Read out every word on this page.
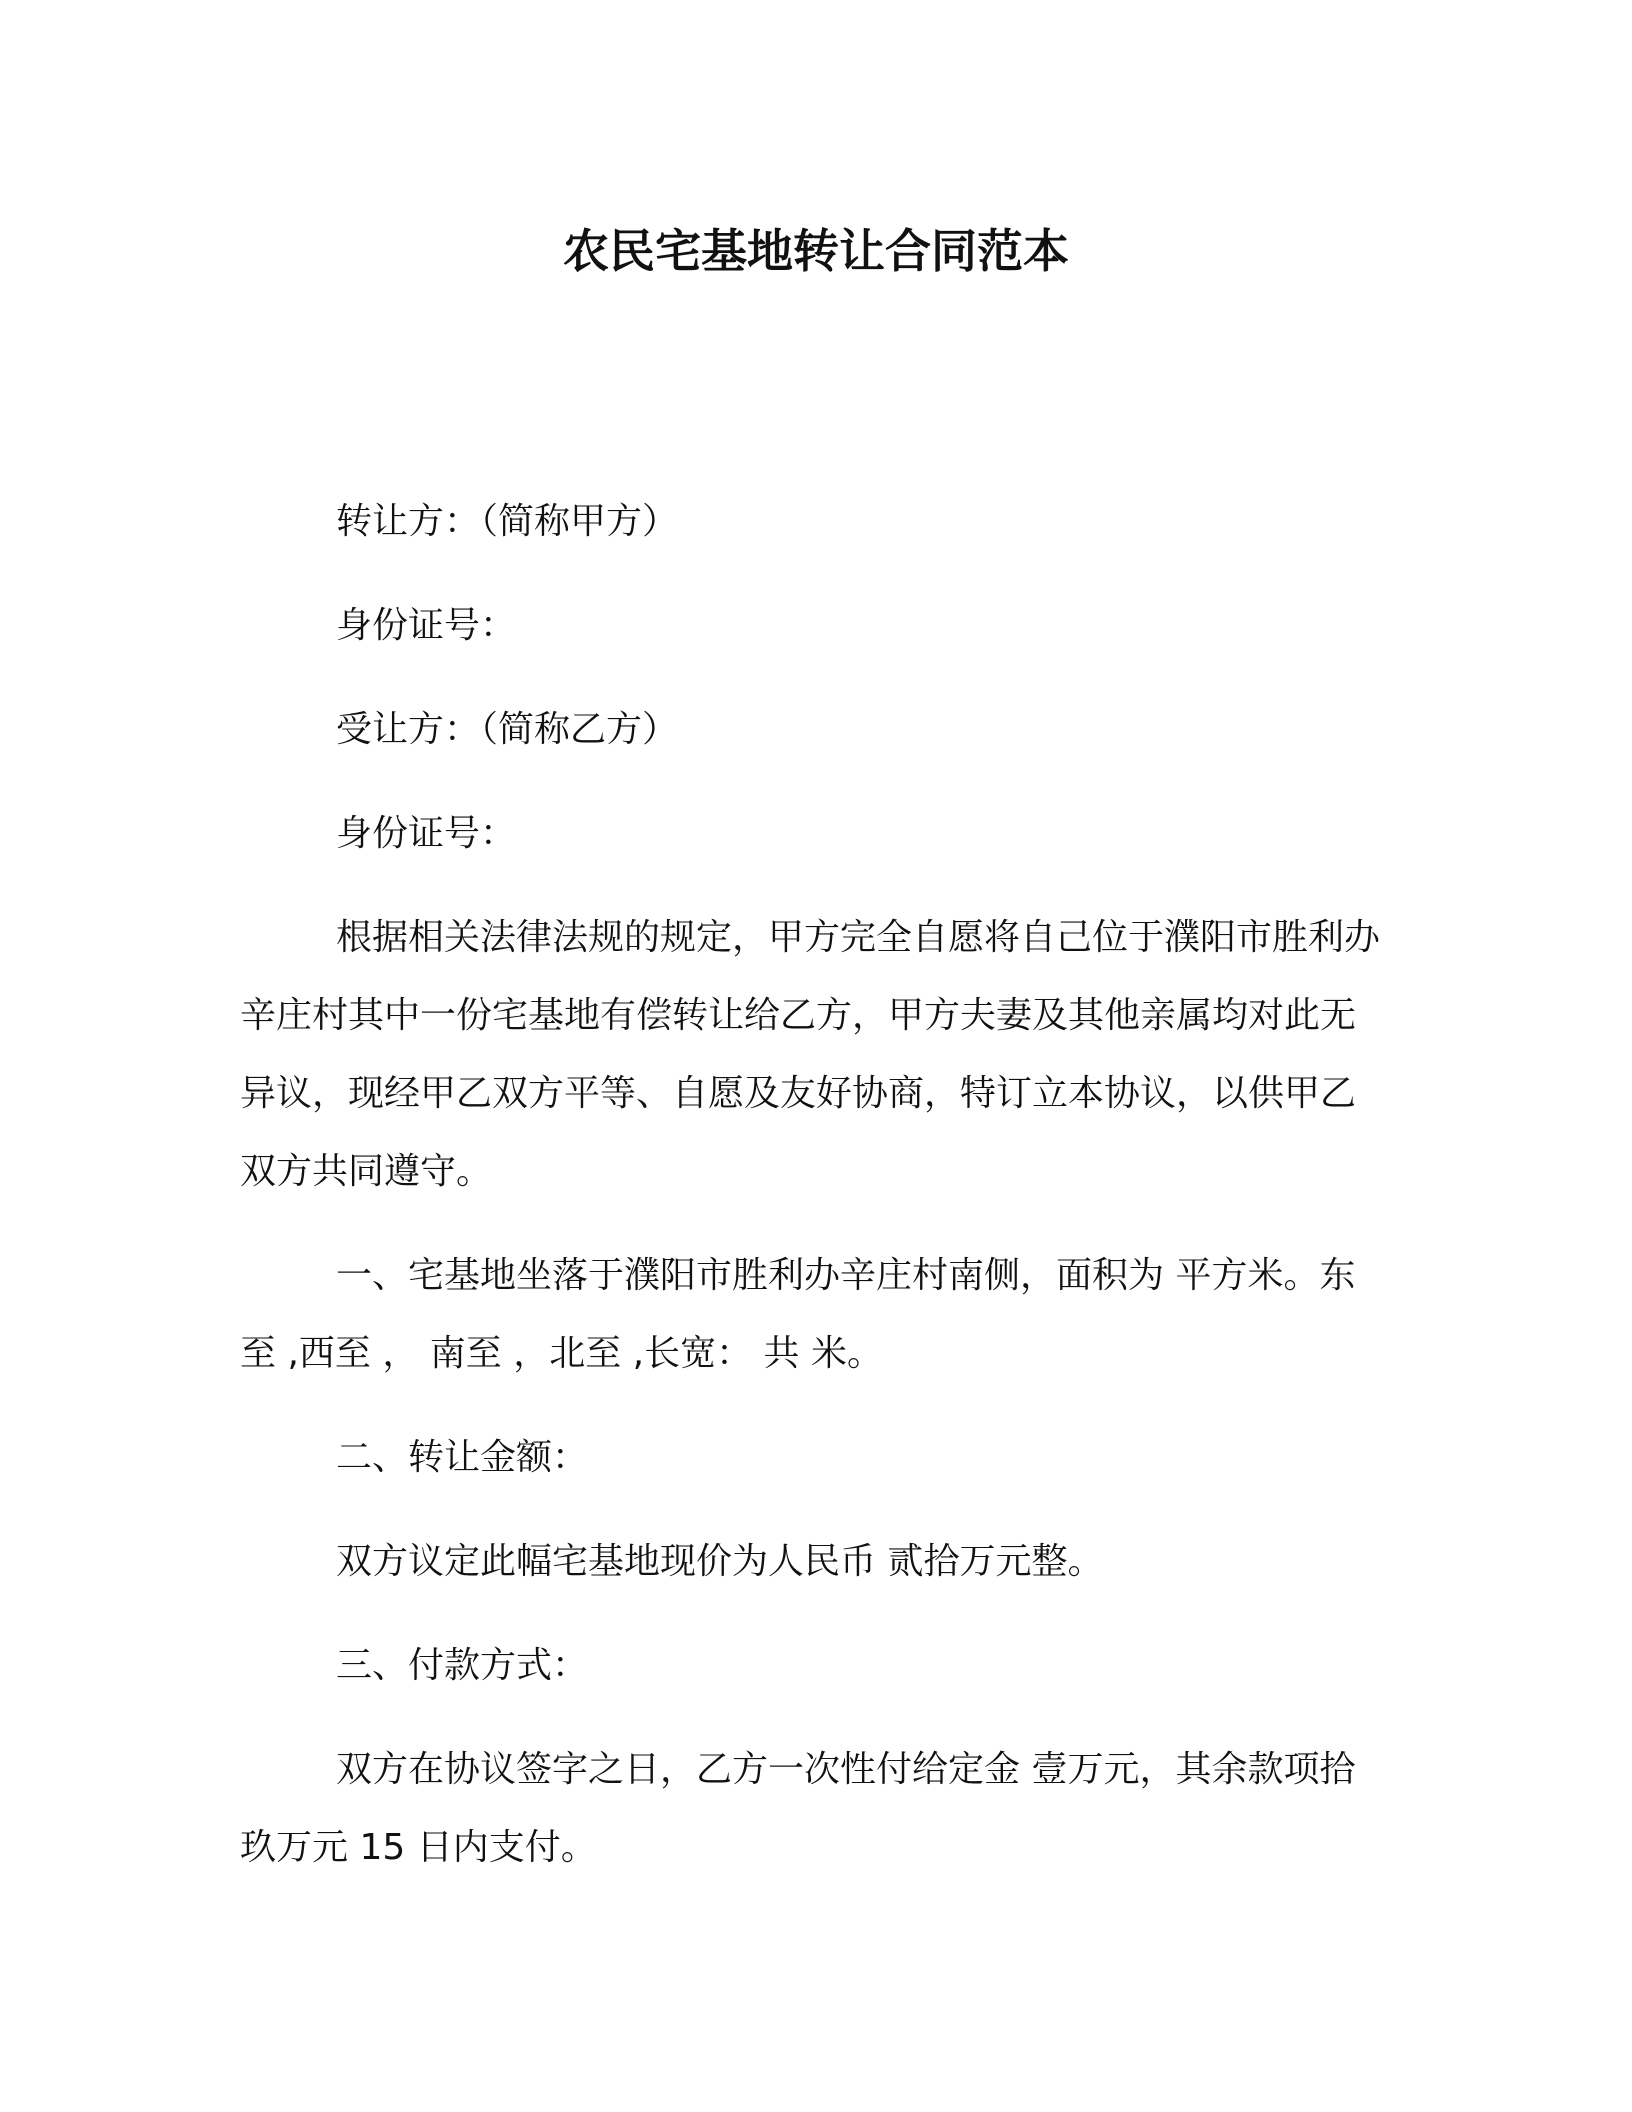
农民宅基地转让合同范本

转让方：（简称甲方）

身份证号：

受让方：（简称乙方）

身份证号：

根据相关法律法规的规定，甲方完全自愿将自己位于濮阳市胜利办辛庄村其中一份宅基地有偿转让给乙方，甲方夫妻及其他亲属均对此无异议，现经甲乙双方平等、自愿及友好协商，特订立本协议，以供甲乙双方共同遵守。

一、宅基地坐落于濮阳市胜利办辛庄村南侧，面积为 平方米。东至 ,西至 ， 南至 ，北至 ,长宽： 共 米。

二、转让金额：

双方议定此幅宅基地现价为人民币 贰拾万元整。

三、付款方式：

双方在协议签字之日，乙方一次性付给定金 壹万元，其余款项拾玖万元 15 日内支付。
